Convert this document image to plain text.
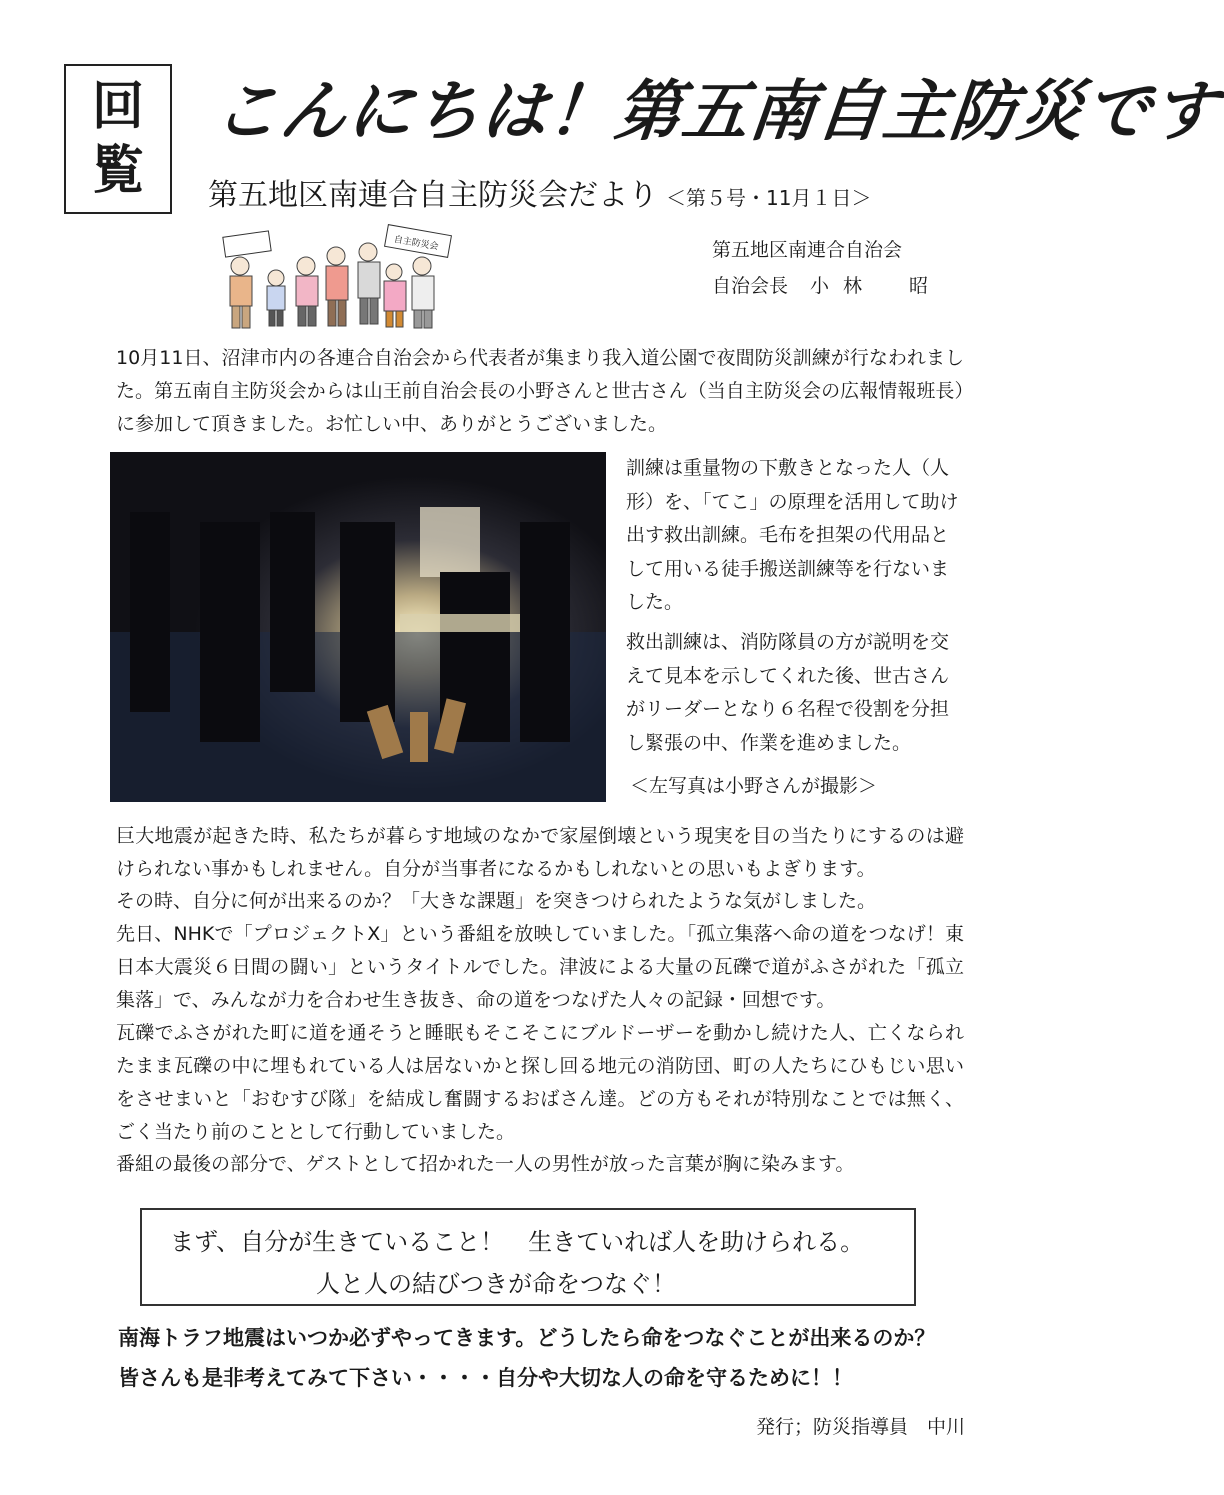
回
覧
こんにちは！第五南自主防災です
第五地区南連合自主防災会だより ＜第５号・11月１日＞
自主防災会	第五地区南連合自治会
自治会長 小林　昭

10月11日、沼津市内の各連合自治会から代表者が集まり我入道公園で夜間防災訓練が行なわれました。第五南自主防災会からは山王前自治会長の小野さんと世古さん（当自主防災会の広報情報班長）に参加して頂きました。お忙しい中、ありがとうございました。

訓練は重量物の下敷きとなった人（人形）を、「てこ」の原理を活用して助け出す救出訓練。毛布を担架の代用品として用いる徒手搬送訓練等を行ないました。

救出訓練は、消防隊員の方が説明を交えて見本を示してくれた後、世古さんがリーダーとなり６名程で役割を分担し緊張の中、作業を進めました。

＜左写真は小野さんが撮影＞

巨大地震が起きた時、私たちが暮らす地域のなかで家屋倒壊という現実を目の当たりにするのは避けられない事かもしれません。自分が当事者になるかもしれないとの思いもよぎります。

その時、自分に何が出来るのか？「大きな課題」を突きつけられたような気がしました。

先日、NHKで「プロジェクトX」という番組を放映していました。「孤立集落へ命の道をつなげ！東日本大震災６日間の闘い」というタイトルでした。津波による大量の瓦礫で道がふさがれた「孤立集落」で、みんなが力を合わせ生き抜き、命の道をつなげた人々の記録・回想です。

瓦礫でふさがれた町に道を通そうと睡眠もそこそこにブルドーザーを動かし続けた人、亡くなられたまま瓦礫の中に埋もれている人は居ないかと探し回る地元の消防団、町の人たちにひもじい思いをさせまいと「おむすび隊」を結成し奮闘するおばさん達。どの方もそれが特別なことでは無く、ごく当たり前のこととして行動していました。

番組の最後の部分で、ゲストとして招かれた一人の男性が放った言葉が胸に染みます。

まず、自分が生きていること！　生きていれば人を助けられる。
人と人の結びつきが命をつなぐ！
南海トラフ地震はいつか必ずやってきます。どうしたら命をつなぐことが出来るのか？
皆さんも是非考えてみて下さい・・・・自分や大切な人の命を守るために！！
発行；防災指導員　中川
